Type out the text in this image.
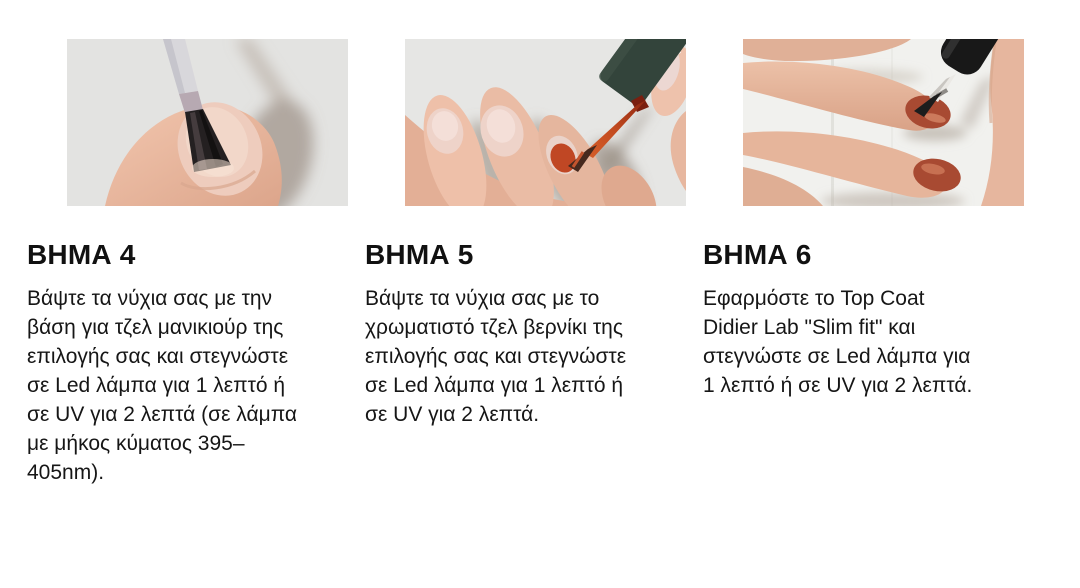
ΒΗΜΑ 4

Βάψτε τα νύχια σας με την βάση για τζελ μανικιούρ της επιλογής σας και στεγνώστε σε Led λάμπα για 1 λεπτό ή σε UV για 2 λεπτά (σε λάμπα με μήκος κύματος 395–405nm).

ΒΗΜΑ 5

Βάψτε τα νύχια σας με το χρωματιστό τζελ βερνίκι της επιλογής σας και στεγνώστε σε Led λάμπα για 1 λεπτό ή σε UV για 2 λεπτά.

ΒΗΜΑ 6

Εφαρμόστε το Top Coat Didier Lab "Slim fit" και στεγνώστε σε Led λάμπα για 1 λεπτό ή σε UV για 2 λεπτά.
